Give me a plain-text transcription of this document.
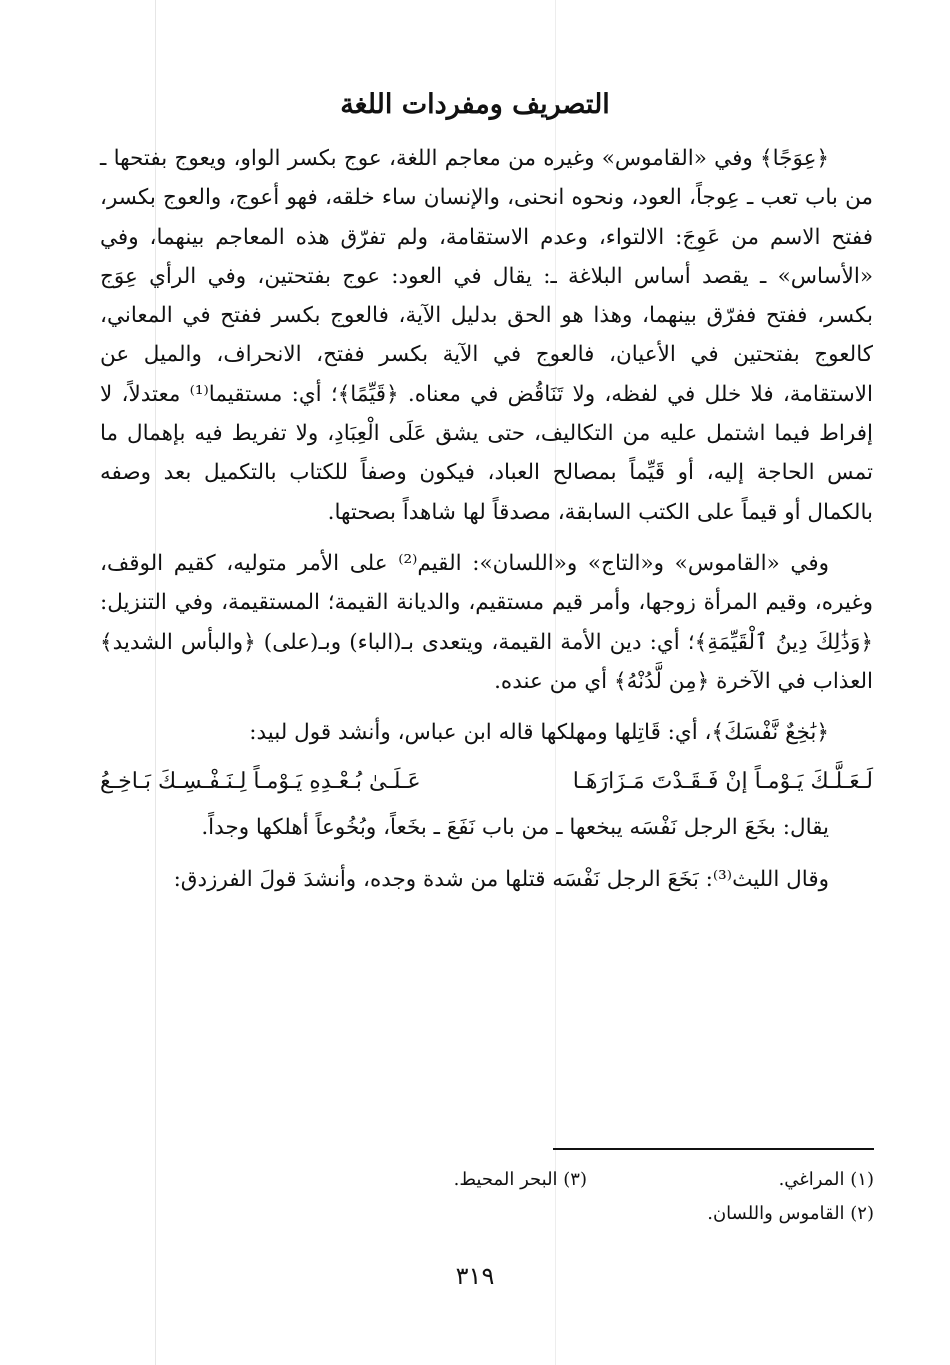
التصريف ومفردات اللغة

﴿عِوَجًا﴾ وفي «القاموس» وغيره من معاجم اللغة، عوج بكسر الواو، ويعوج بفتحها ـ من باب تعب ـ عِوجاً، العود، ونحوه انحنى، والإنسان ساء خلقه، فهو أعوج، والعوج بكسر، ففتح الاسم من عَوِجَ: الالتواء، وعدم الاستقامة، ولم تفرّق هذه المعاجم بينهما، وفي «الأساس» ـ يقصد أساس البلاغة ـ: يقال في العود: عوج بفتحتين، وفي الرأي عِوَج بكسر، ففتح ففرّق بينهما، وهذا هو الحق بدليل الآية، فالعوج بكسر ففتح في المعاني، كالعوج بفتحتين في الأعيان، فالعوج في الآية بكسر ففتح، الانحراف، والميل عن الاستقامة، فلا خلل في لفظه، ولا تَنَاقُض في معناه. ﴿قَيِّمًا﴾؛ أي: مستقيما⁽¹⁾ معتدلاً، لا إفراط فيما اشتمل عليه من التكاليف، حتى يشق عَلَى الْعِبَادِ، ولا تفريط فيه بإهمال ما تمس الحاجة إليه، أو قَيِّماً بمصالح العباد، فيكون وصفاً للكتاب بالتكميل بعد وصفه بالكمال أو قيماً على الكتب السابقة، مصدقاً لها شاهداً بصحتها.

وفي «القاموس» و«التاج» و«اللسان»: القيم⁽²⁾ على الأمر متوليه، كقيم الوقف، وغيره، وقيم المرأة زوجها، وأمر قيم مستقيم، والديانة القيمة؛ المستقيمة، وفي التنزيل: ﴿وَذَٰلِكَ دِينُ ٱلْقَيِّمَةِ﴾؛ أي: دين الأمة القيمة، ويتعدى بـ(الباء) وبـ(على) ﴿والبأس الشديد﴾ العذاب في الآخرة ﴿مِن لَّدُنْهُ﴾ أي من عنده.

﴿بَٰخِعٌ نَّفْسَكَ﴾، أي: قَاتِلها ومهلكها قاله ابن عباس، وأنشد قول لبيد:

لَـعَـلَّـكَ يَـوْمـاً إنْ فَـقَـدْتَ مَـزَارَهَـا
عَـلَـىٰ بُـعْـدِهِ يَـوْمـاً لِـنَـفْـسِـكَ بَـاخِـعُ

يقال: بخَعَ الرجل نَفْسَه يبخعها ـ من باب نَفَعَ ـ بخَعاً، وبُخُوعاً أهلكها وجداً.

وقال الليث⁽³⁾: بَخَعَ الرجل نَفْسَه قتلها من شدة وجده، وأنشدَ قولَ الفرزدق:

(١) المراغي.
(٣) البحر المحيط.
(٢) القاموس واللسان.
٣١٩
